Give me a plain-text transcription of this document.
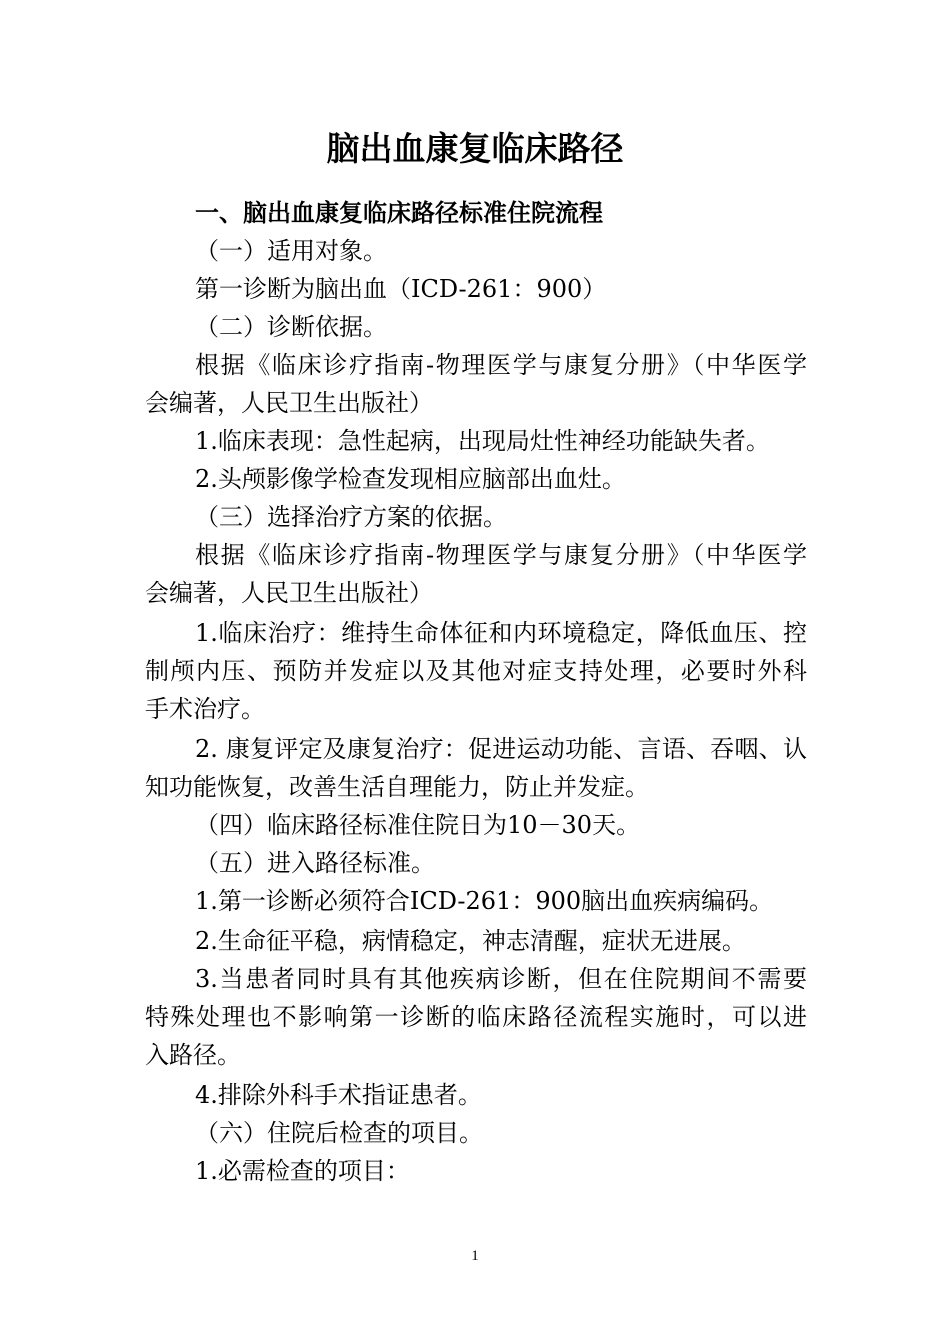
脑出血康复临床路径
一、脑出血康复临床路径标准住院流程
（一）适用对象。
第一诊断为脑出血（ICD-261：900）
（二）诊断依据。
根据《临床诊疗指南-物理医学与康复分册》（中华医学
会编著，人民卫生出版社）
1.临床表现：急性起病，出现局灶性神经功能缺失者。
2.头颅影像学检查发现相应脑部出血灶。
（三）选择治疗方案的依据。
根据《临床诊疗指南-物理医学与康复分册》（中华医学
会编著，人民卫生出版社）
1.临床治疗：维持生命体征和内环境稳定，降低血压、控
制颅内压、预防并发症以及其他对症支持处理，必要时外科
手术治疗。
2. 康复评定及康复治疗：促进运动功能、言语、吞咽、认
知功能恢复，改善生活自理能力，防止并发症。
（四）临床路径标准住院日为10－30天。
（五）进入路径标准。
1.第一诊断必须符合ICD-261：900脑出血疾病编码。
2.生命征平稳，病情稳定，神志清醒，症状无进展。
3.当患者同时具有其他疾病诊断，但在住院期间不需要
特殊处理也不影响第一诊断的临床路径流程实施时，可以进
入路径。
4.排除外科手术指证患者。
（六）住院后检查的项目。
1.必需检查的项目：
1
